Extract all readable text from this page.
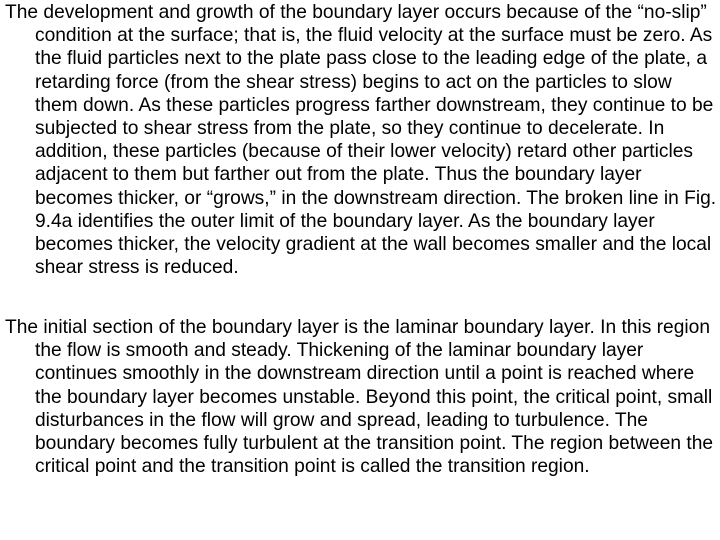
The development and growth of the boundary layer occurs because of the “no-slip” condition at the surface; that is, the fluid velocity at the surface must be zero. As the fluid particles next to the plate pass close to the leading edge of the plate, a retarding force (from the shear stress) begins to act on the particles to slow them down. As these particles progress farther downstream, they continue to be subjected to shear stress from the plate, so they continue to decelerate. In addition, these particles (because of their lower velocity) retard other particles adjacent to them but farther out from the plate. Thus the boundary layer becomes thicker, or “grows,” in the downstream direction. The broken line in Fig. 9.4a identifies the outer limit of the boundary layer. As the boundary layer becomes thicker, the velocity gradient at the wall becomes smaller and the local shear stress is reduced.

The initial section of the boundary layer is the laminar boundary layer. In this region the flow is smooth and steady. Thickening of the laminar boundary layer continues smoothly in the downstream direction until a point is reached where the boundary layer becomes unstable. Beyond this point, the critical point, small disturbances in the flow will grow and spread, leading to turbulence. The boundary becomes fully turbulent at the transition point. The region between the critical point and the transition point is called the transition region.
